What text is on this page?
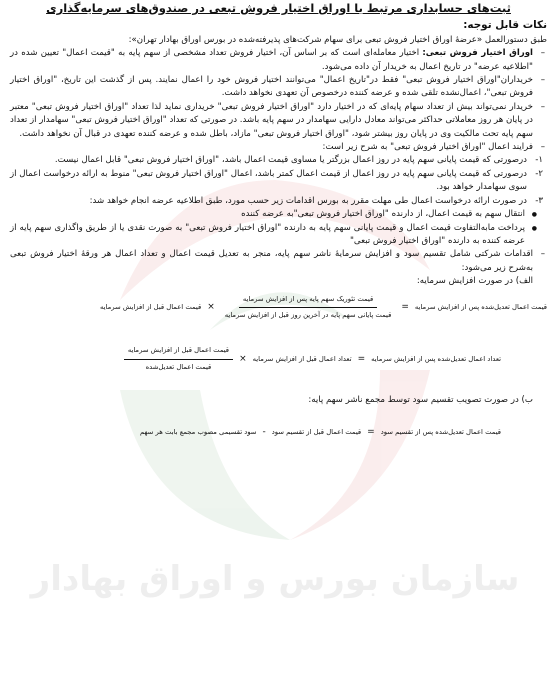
سازمان بورس و اوراق بهادار
ثبت‌های حسابداری مرتبط با اوراق اختیار فروش تبعی در صندوق‌های سرمایه‌گذاری
نکات قابل توجه:

طبق دستورالعمل «عرضهٔ اوراق اختیار فروش تبعی برای سهام شرکت‌های پذیرفته‌شده در بورس اوراق بهادار تهران»:

– اوراق اختیار فروش تبعی: اختیار معامله‌ای است که بر اساس آن، اختیار فروش تعداد مشخصی از سهم پایه به "قیمت اعمال" تعیین شده در "اطلاعیه عرضه" در تاریخ اعمال به خریدار آن داده می‌شود.

– خریداران"اوراق اختیار فروش تبعی" فقط در"تاریخ اعمال" می‌توانند اختیار فروش خود را اعمال نمایند. پس از گذشت این تاریخ، "اوراق اختیار فروش تبعی"، اعمال‌نشده تلقی شده و عرضه کننده درخصوص آن تعهدی نخواهد داشت.

– خریدار نمی‌تواند بیش از تعداد سهام پایه‌ای که در اختیار دارد "اوراق اختیار فروش تبعی" خریداری نماید لذا تعداد "اوراق اختیار فروش تبعی" معتبر در پایان هر روز معاملاتی حداکثر می‌تواند معادل دارایی سهامدار در سهم پایه باشد. در صورتی که تعداد "اوراق اختیار فروش تبعی" سهامدار از تعداد سهم پایه تحت مالکیت وی در پایان روز بیشتر شود، "اوراق اختیار فروش تبعی" مازاد، باطل شده و عرضه کننده تعهدی در قبال آن نخواهد داشت.

– فرایند اعمال "اوراق اختیار فروش تبعی" به شرح زیر است:

۱-
درصورتی که قیمت پایانی سهم پایه در روز اعمال بزرگتر یا مساوی قیمت اعمال باشد، "اوراق اختیار فروش تبعی" قابل اعمال نیست.

۲-
درصورتی که قیمت پایانی سهم پایه در روز اعمال از قیمت اعمال کمتر باشد، اعمال "اوراق اختیار فروش تبعی" منوط به ارائه درخواست اعمال از سوی سهامدار خواهد بود.

۳-
در صورت ارائه درخواست اعمال طی مهلت مقرر به بورس اقدامات زیر حسب مورد، طبق اطلاعیه عرضه انجام خواهد شد:

● انتقال سهم به قیمت اعمال، از دارنده "اوراق اختیار فروش تبعی"به عرضه کننده

● پرداخت مابه‌التفاوت قیمت اعمال و قیمت پایانی سهم پایه به دارنده "اوراق اختیار فروش تبعی" به صورت نقدی یا از طریق واگذاری سهم پایه از عرضه کننده به دارنده "اوراق اختیار فروش تبعی"

– اقدامات شرکتی شامل تقسیم سود و افزایش سرمایهٔ ناشر سهم پایه، منجر به تعدیل قیمت اعمال و تعداد اعمال هر ورقهٔ اختیار فروش تبعی به‌شرح زیر می‌شود:

الف) در صورت افزایش سرمایه:

قیمت اعمال تعدیل‌شده پس از افزایش سرمایه
=
$\frac{\text{قیمت تئوریک سهم پایه پس از افزایش سرمایه}}{\text{قیمت پایانی سهم پایه در آخرین روز قبل از افزایش سرمایه}}$
×
قیمت اعمال قبل از افزایش سرمایه
تعداد اعمال تعدیل‌شده پس از افزایش سرمایه
=
تعداد اعمال قبل از افزایش سرمایه
×
$\frac{\text{قیمت اعمال قبل از افزایش سرمایه}}{\text{قیمت اعمال تعدیل‌شده}}$

ب) در صورت تصویب تقسیم سود توسط مجمع ناشر سهم پایه:

قیمت اعمال تعدیل‌شده پس از تقسیم سود
=
قیمت اعمال قبل از تقسیم سود
-
سود تقسیمی مصوب مجمع بابت هر سهم
